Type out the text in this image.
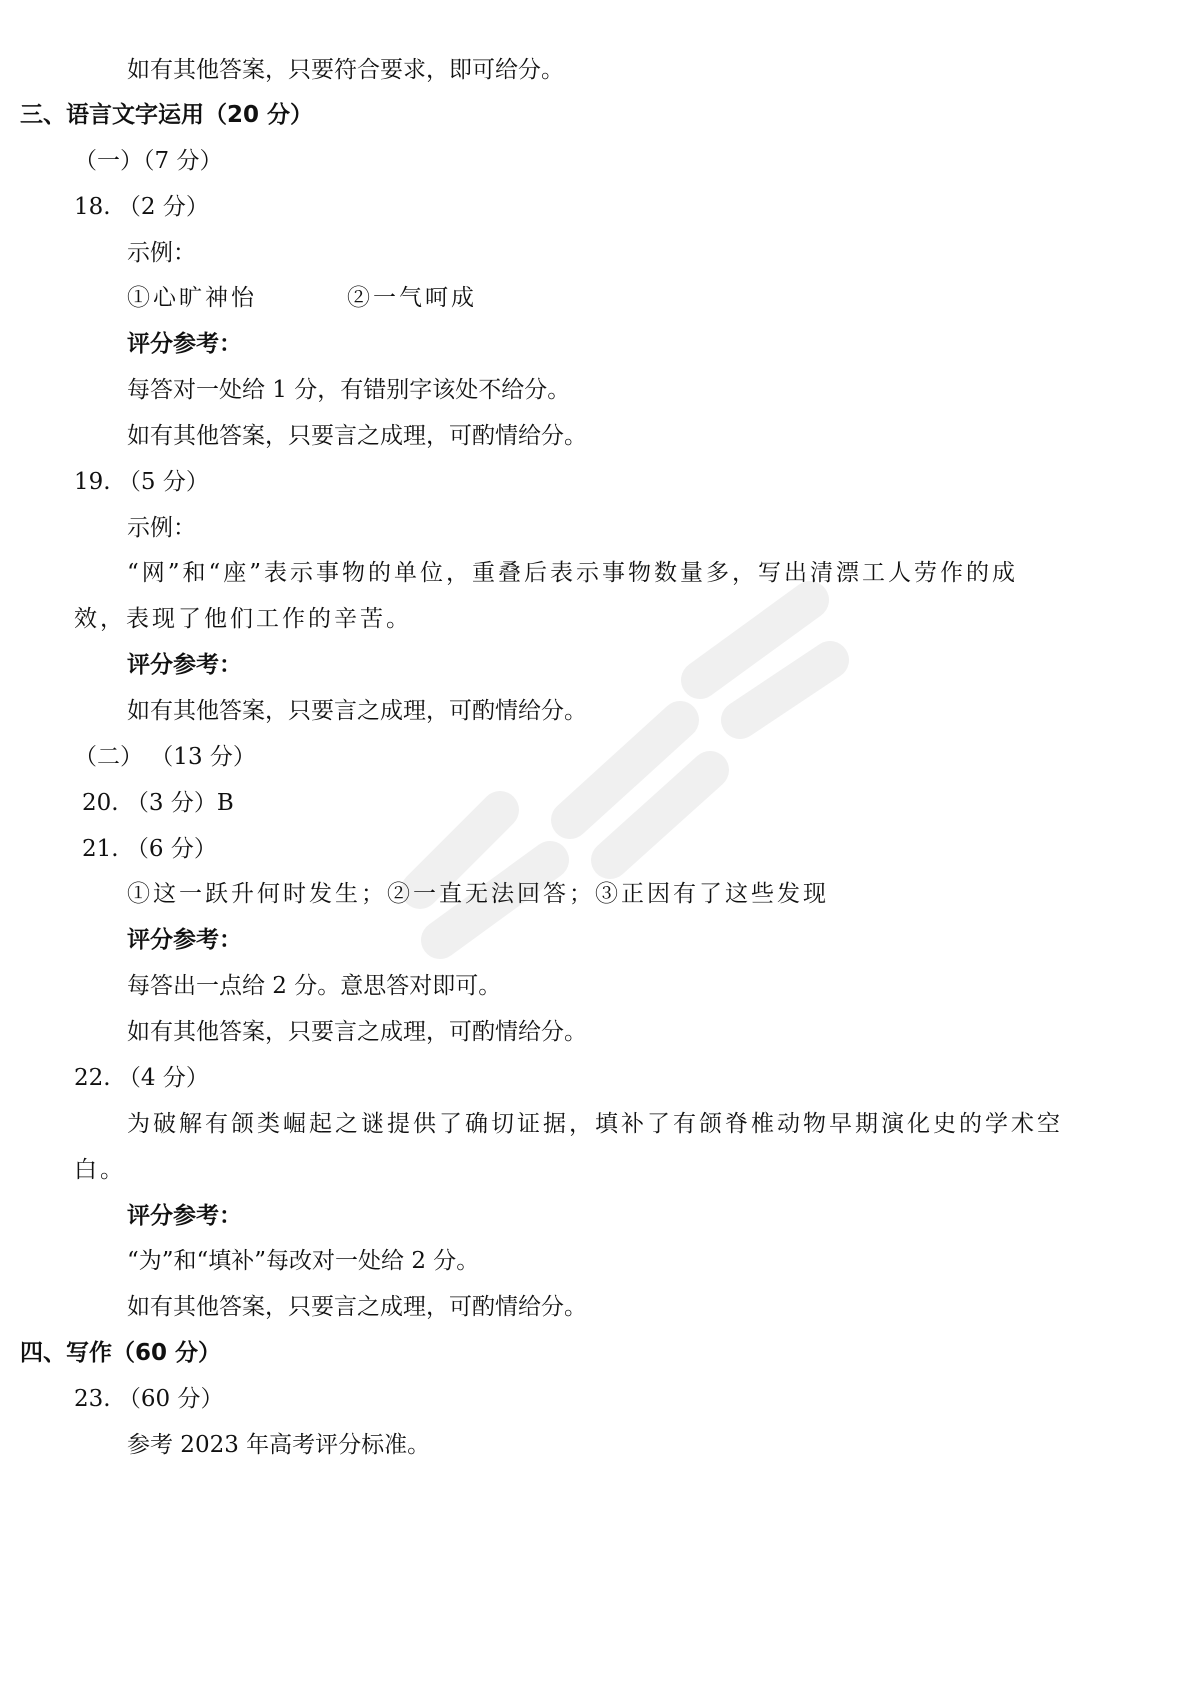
如有其他答案，只要符合要求，即可给分。
三、语言文字运用（20 分）
（一）（7 分）
18. （2 分）
示例：
①心旷神怡	②一气呵成
评分参考：
每答对一处给 1 分，有错别字该处不给分。
如有其他答案，只要言之成理，可酌情给分。
19. （5 分）
示例：
“网”和“座”表示事物的单位，重叠后表示事物数量多，写出清漂工人劳作的成
效，表现了他们工作的辛苦。
评分参考：
如有其他答案，只要言之成理，可酌情给分。
（二） （13 分）
20. （3 分）B
21. （6 分）
①这一跃升何时发生；②一直无法回答；③正因有了这些发现
评分参考：
每答出一点给 2 分。意思答对即可。
如有其他答案，只要言之成理，可酌情给分。
22. （4 分）
为破解有颌类崛起之谜提供了确切证据，填补了有颌脊椎动物早期演化史的学术空
白。
评分参考：
“为”和“填补”每改对一处给 2 分。
如有其他答案，只要言之成理，可酌情给分。
四、写作（60 分）
23. （60 分）
参考 2023 年高考评分标准。
